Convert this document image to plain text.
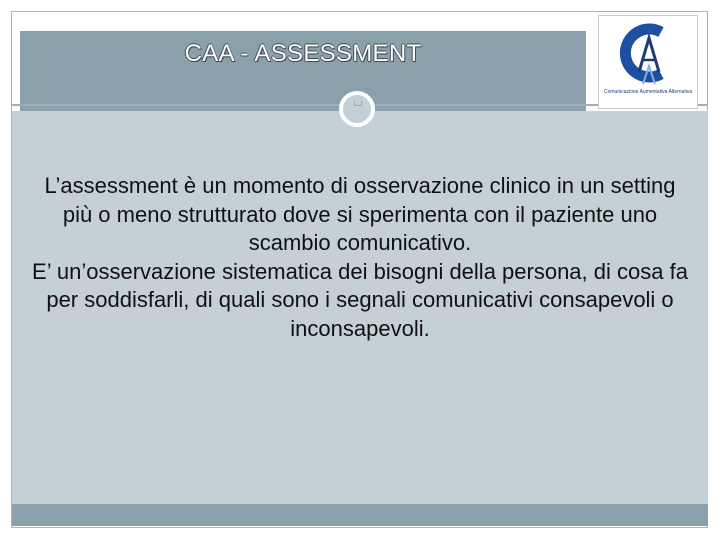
CAA - ASSESSMENT

L’assessment è un momento di osservazione clinico in un setting più o meno strutturato dove si sperimenta con il paziente uno scambio comunicativo.

E’ un’osservazione sistematica dei bisogni della persona, di cosa fa per soddisfarli, di quali sono i segnali comunicativi consapevoli o inconsapevoli.

Comunicazione Aumentativa Alternativa
